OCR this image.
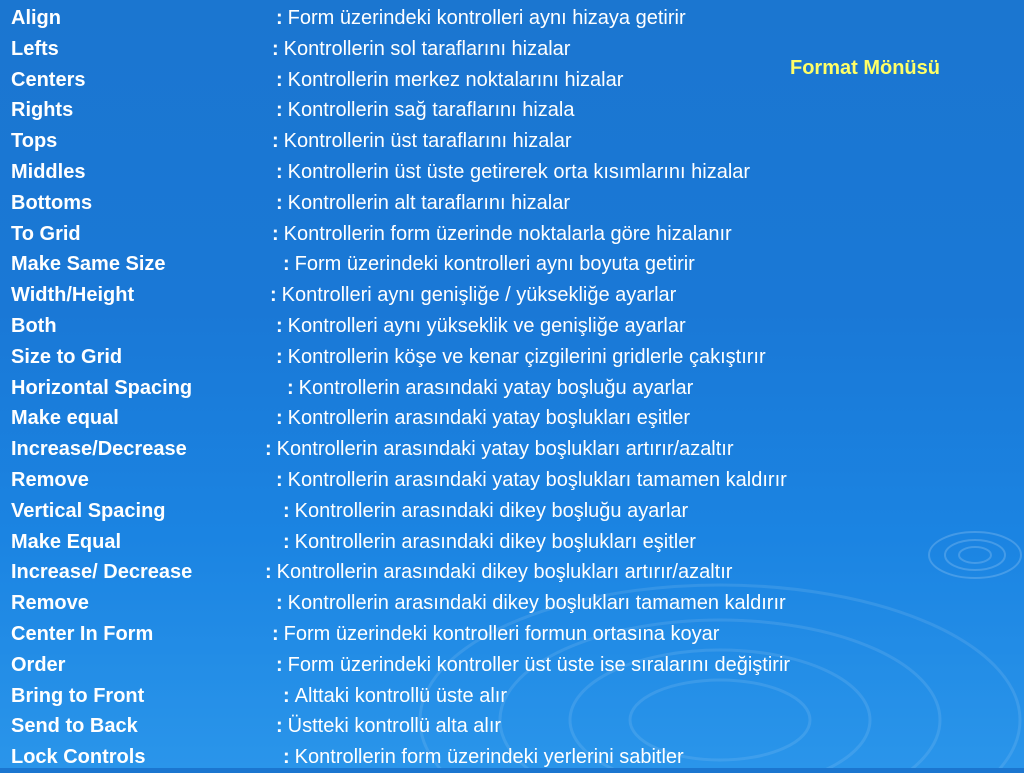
Format Mönüsü
Align	: Form üzerindeki kontrolleri aynı hizaya getirir
Lefts	: Kontrollerin sol taraflarını hizalar
Centers	: Kontrollerin merkez noktalarını hizalar
Rights	: Kontrollerin sağ taraflarını hizala
Tops	: Kontrollerin üst taraflarını hizalar
Middles	: Kontrollerin üst üste getirerek orta kısımlarını hizalar
Bottoms	: Kontrollerin alt taraflarını hizalar
To Grid	: Kontrollerin form üzerinde noktalarla göre hizalanır
Make Same Size	: Form üzerindeki kontrolleri aynı boyuta getirir
Width/Height	: Kontrolleri aynı genişliğe / yüksekliğe ayarlar
Both	: Kontrolleri aynı yükseklik ve genişliğe ayarlar
Size to Grid	: Kontrollerin köşe ve kenar çizgilerini gridlerle çakıştırır
Horizontal Spacing	: Kontrollerin arasındaki yatay boşluğu ayarlar
Make equal	: Kontrollerin arasındaki yatay boşlukları eşitler
Increase/Decrease	: Kontrollerin arasındaki yatay boşlukları artırır/azaltır
Remove	: Kontrollerin arasındaki yatay boşlukları tamamen kaldırır
Vertical Spacing	: Kontrollerin arasındaki dikey boşluğu ayarlar
Make Equal	: Kontrollerin arasındaki dikey boşlukları eşitler
Increase/ Decrease	: Kontrollerin arasındaki dikey boşlukları artırır/azaltır
Remove	: Kontrollerin arasındaki dikey boşlukları tamamen kaldırır
Center In Form	: Form üzerindeki kontrolleri formun ortasına koyar
Order	: Form üzerindeki kontroller üst üste ise sıralarını değiştirir
Bring to Front	: Alttaki kontrollü üste alır
Send to Back	: Üstteki kontrollü alta alır
Lock Controls	: Kontrollerin form üzerindeki yerlerini sabitler
